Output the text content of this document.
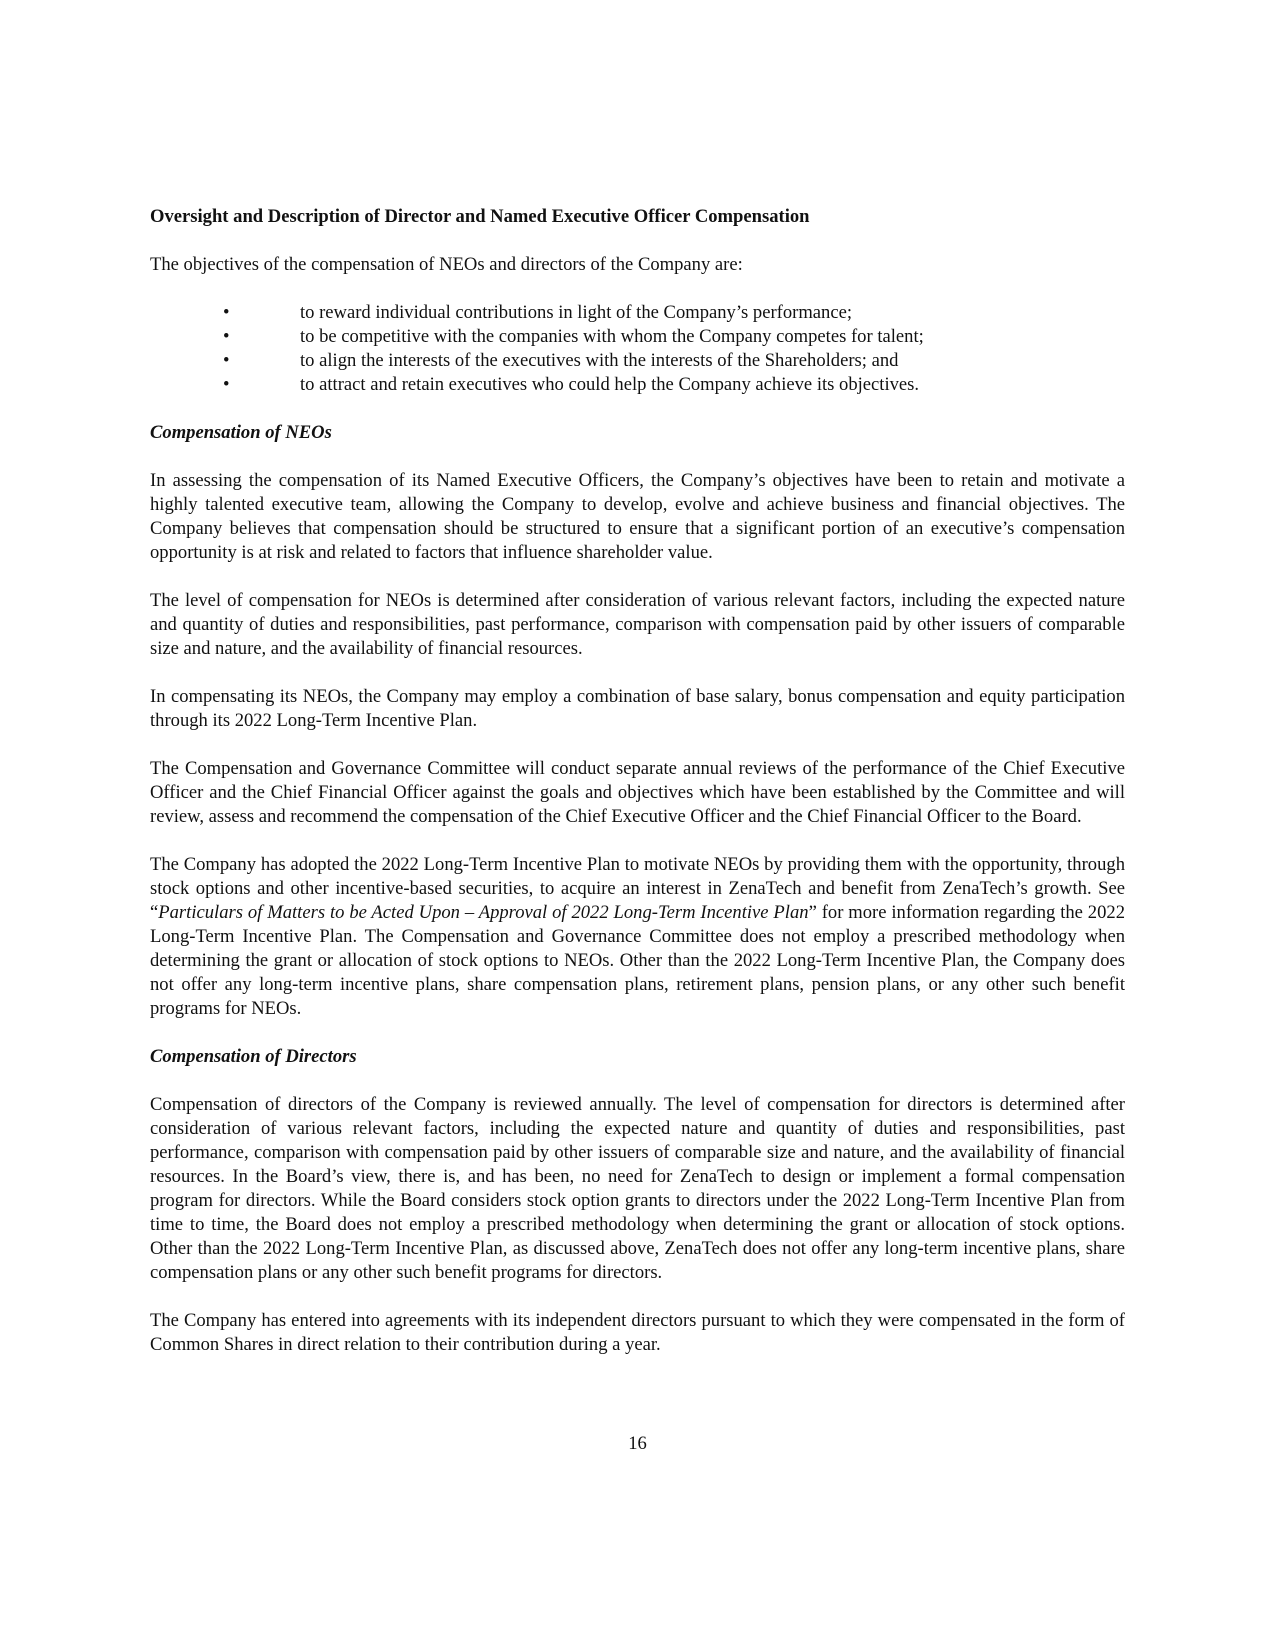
Oversight and Description of Director and Named Executive Officer Compensation

The objectives of the compensation of NEOs and directors of the Company are:

•	to reward individual contributions in light of the Company’s performance;
•	to be competitive with the companies with whom the Company competes for talent;
•	to align the interests of the executives with the interests of the Shareholders; and
•	to attract and retain executives who could help the Company achieve its objectives.
Compensation of NEOs

In assessing the compensation of its Named Executive Officers, the Company’s objectives have been to retain and motivate a highly talented executive team, allowing the Company to develop, evolve and achieve business and financial objectives. The Company believes that compensation should be structured to ensure that a significant portion of an executive’s compensation opportunity is at risk and related to factors that influence shareholder value.

The level of compensation for NEOs is determined after consideration of various relevant factors, including the expected nature and quantity of duties and responsibilities, past performance, comparison with compensation paid by other issuers of comparable size and nature, and the availability of financial resources.

In compensating its NEOs, the Company may employ a combination of base salary, bonus compensation and equity participation through its 2022 Long-Term Incentive Plan.

The Compensation and Governance Committee will conduct separate annual reviews of the performance of the Chief Executive Officer and the Chief Financial Officer against the goals and objectives which have been established by the Committee and will review, assess and recommend the compensation of the Chief Executive Officer and the Chief Financial Officer to the Board.

The Company has adopted the 2022 Long-Term Incentive Plan to motivate NEOs by providing them with the opportunity, through stock options and other incentive-based securities, to acquire an interest in ZenaTech and benefit from ZenaTech’s growth. See “Particulars of Matters to be Acted Upon – Approval of 2022 Long-Term Incentive Plan” for more information regarding the 2022 Long-Term Incentive Plan. The Compensation and Governance Committee does not employ a prescribed methodology when determining the grant or allocation of stock options to NEOs. Other than the 2022 Long-Term Incentive Plan, the Company does not offer any long-term incentive plans, share compensation plans, retirement plans, pension plans, or any other such benefit programs for NEOs.

Compensation of Directors

Compensation of directors of the Company is reviewed annually. The level of compensation for directors is determined after consideration of various relevant factors, including the expected nature and quantity of duties and responsibilities, past performance, comparison with compensation paid by other issuers of comparable size and nature, and the availability of financial resources. In the Board’s view, there is, and has been, no need for ZenaTech to design or implement a formal compensation program for directors. While the Board considers stock option grants to directors under the 2022 Long-Term Incentive Plan from time to time, the Board does not employ a prescribed methodology when determining the grant or allocation of stock options. Other than the 2022 Long-Term Incentive Plan, as discussed above, ZenaTech does not offer any long-term incentive plans, share compensation plans or any other such benefit programs for directors.

The Company has entered into agreements with its independent directors pursuant to which they were compensated in the form of Common Shares in direct relation to their contribution during a year.

16
